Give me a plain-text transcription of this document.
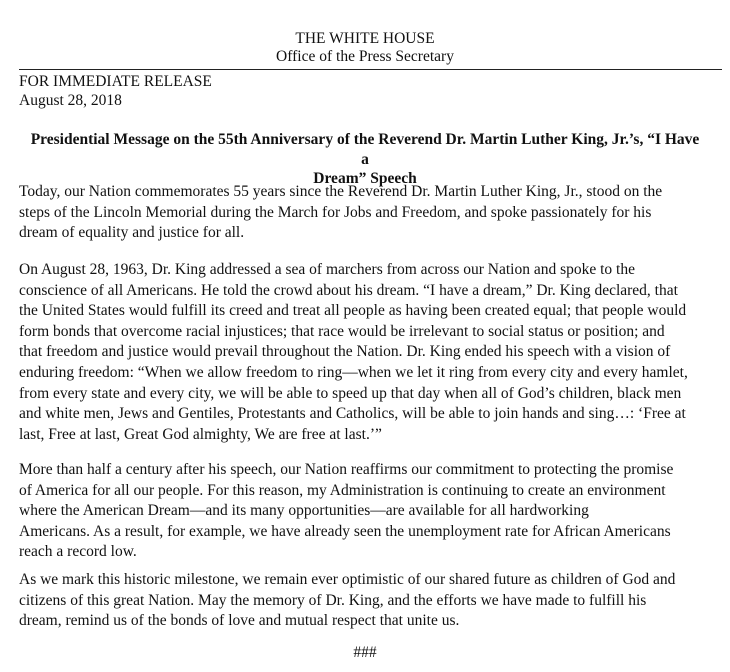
THE WHITE HOUSE
Office of the Press Secretary
FOR IMMEDIATE RELEASE
August 28, 2018
Presidential Message on the 55th Anniversary of the Reverend Dr. Martin Luther King, Jr.’s, “I Have a
Dream” Speech

Today, our Nation commemorates 55 years since the Reverend Dr. Martin Luther King, Jr., stood on the
steps of the Lincoln Memorial during the March for Jobs and Freedom, and spoke passionately for his
dream of equality and justice for all.

On August 28, 1963, Dr. King addressed a sea of marchers from across our Nation and spoke to the
conscience of all Americans. He told the crowd about his dream. “I have a dream,” Dr. King declared, that
the United States would fulfill its creed and treat all people as having been created equal; that people would
form bonds that overcome racial injustices; that race would be irrelevant to social status or position; and
that freedom and justice would prevail throughout the Nation. Dr. King ended his speech with a vision of
enduring freedom: “When we allow freedom to ring—when we let it ring from every city and every hamlet,
from every state and every city, we will be able to speed up that day when all of God’s children, black men
and white men, Jews and Gentiles, Protestants and Catholics, will be able to join hands and sing…: ‘Free at
last, Free at last, Great God almighty, We are free at last.’”

More than half a century after his speech, our Nation reaffirms our commitment to protecting the promise
of America for all our people. For this reason, my Administration is continuing to create an environment
where the American Dream—and its many opportunities—are available for all hardworking
Americans. As a result, for example, we have already seen the unemployment rate for African Americans
reach a record low.

As we mark this historic milestone, we remain ever optimistic of our shared future as children of God and
citizens of this great Nation. May the memory of Dr. King, and the efforts we have made to fulfill his
dream, remind us of the bonds of love and mutual respect that unite us.

###
